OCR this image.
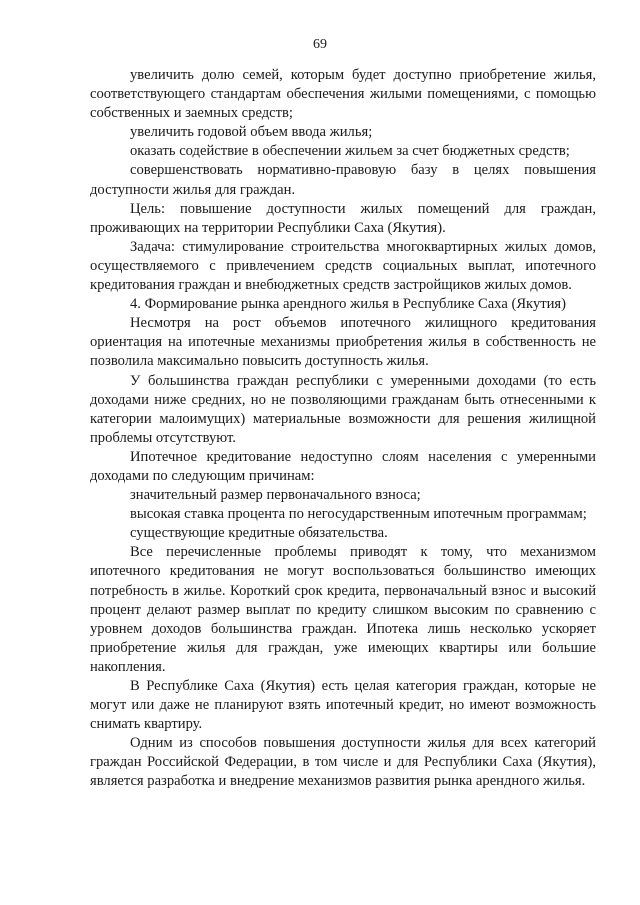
69

увеличить долю семей, которым будет доступно приобретение жилья, соответствующего стандартам обеспечения жилыми помещениями, с помощью собственных и заемных средств;

увеличить годовой объем ввода жилья;

оказать содействие в обеспечении жильем за счет бюджетных средств;

совершенствовать нормативно-правовую базу в целях повышения доступности жилья для граждан.

Цель: повышение доступности жилых помещений для граждан, проживающих на территории Республики Саха (Якутия).

Задача: стимулирование строительства многоквартирных жилых домов, осуществляемого с привлечением средств социальных выплат, ипотечного кредитования граждан и внебюджетных средств застройщиков жилых домов.

4. Формирование рынка арендного жилья в Республике Саха (Якутия)

Несмотря на рост объемов ипотечного жилищного кредитования ориентация на ипотечные механизмы приобретения жилья в собственность не позволила максимально повысить доступность жилья.

У большинства граждан республики с умеренными доходами (то есть доходами ниже средних, но не позволяющими гражданам быть отнесенными к категории малоимущих) материальные возможности для решения жилищной проблемы отсутствуют.

Ипотечное кредитование недоступно слоям населения с умеренными доходами по следующим причинам:

значительный размер первоначального взноса;

высокая ставка процента по негосударственным ипотечным программам;

существующие кредитные обязательства.

Все перечисленные проблемы приводят к тому, что механизмом ипотечного кредитования не могут воспользоваться большинство имеющих потребность в жилье. Короткий срок кредита, первоначальный взнос и высокий процент делают размер выплат по кредиту слишком высоким по сравнению с уровнем доходов большинства граждан. Ипотека лишь несколько ускоряет приобретение жилья для граждан, уже имеющих квартиры или большие накопления.

В Республике Саха (Якутия) есть целая категория граждан, которые не могут или даже не планируют взять ипотечный кредит, но имеют возможность снимать квартиру.

Одним из способов повышения доступности жилья для всех категорий граждан Российской Федерации, в том числе и для Республики Саха (Якутия), является разработка и внедрение механизмов развития рынка арендного жилья.
